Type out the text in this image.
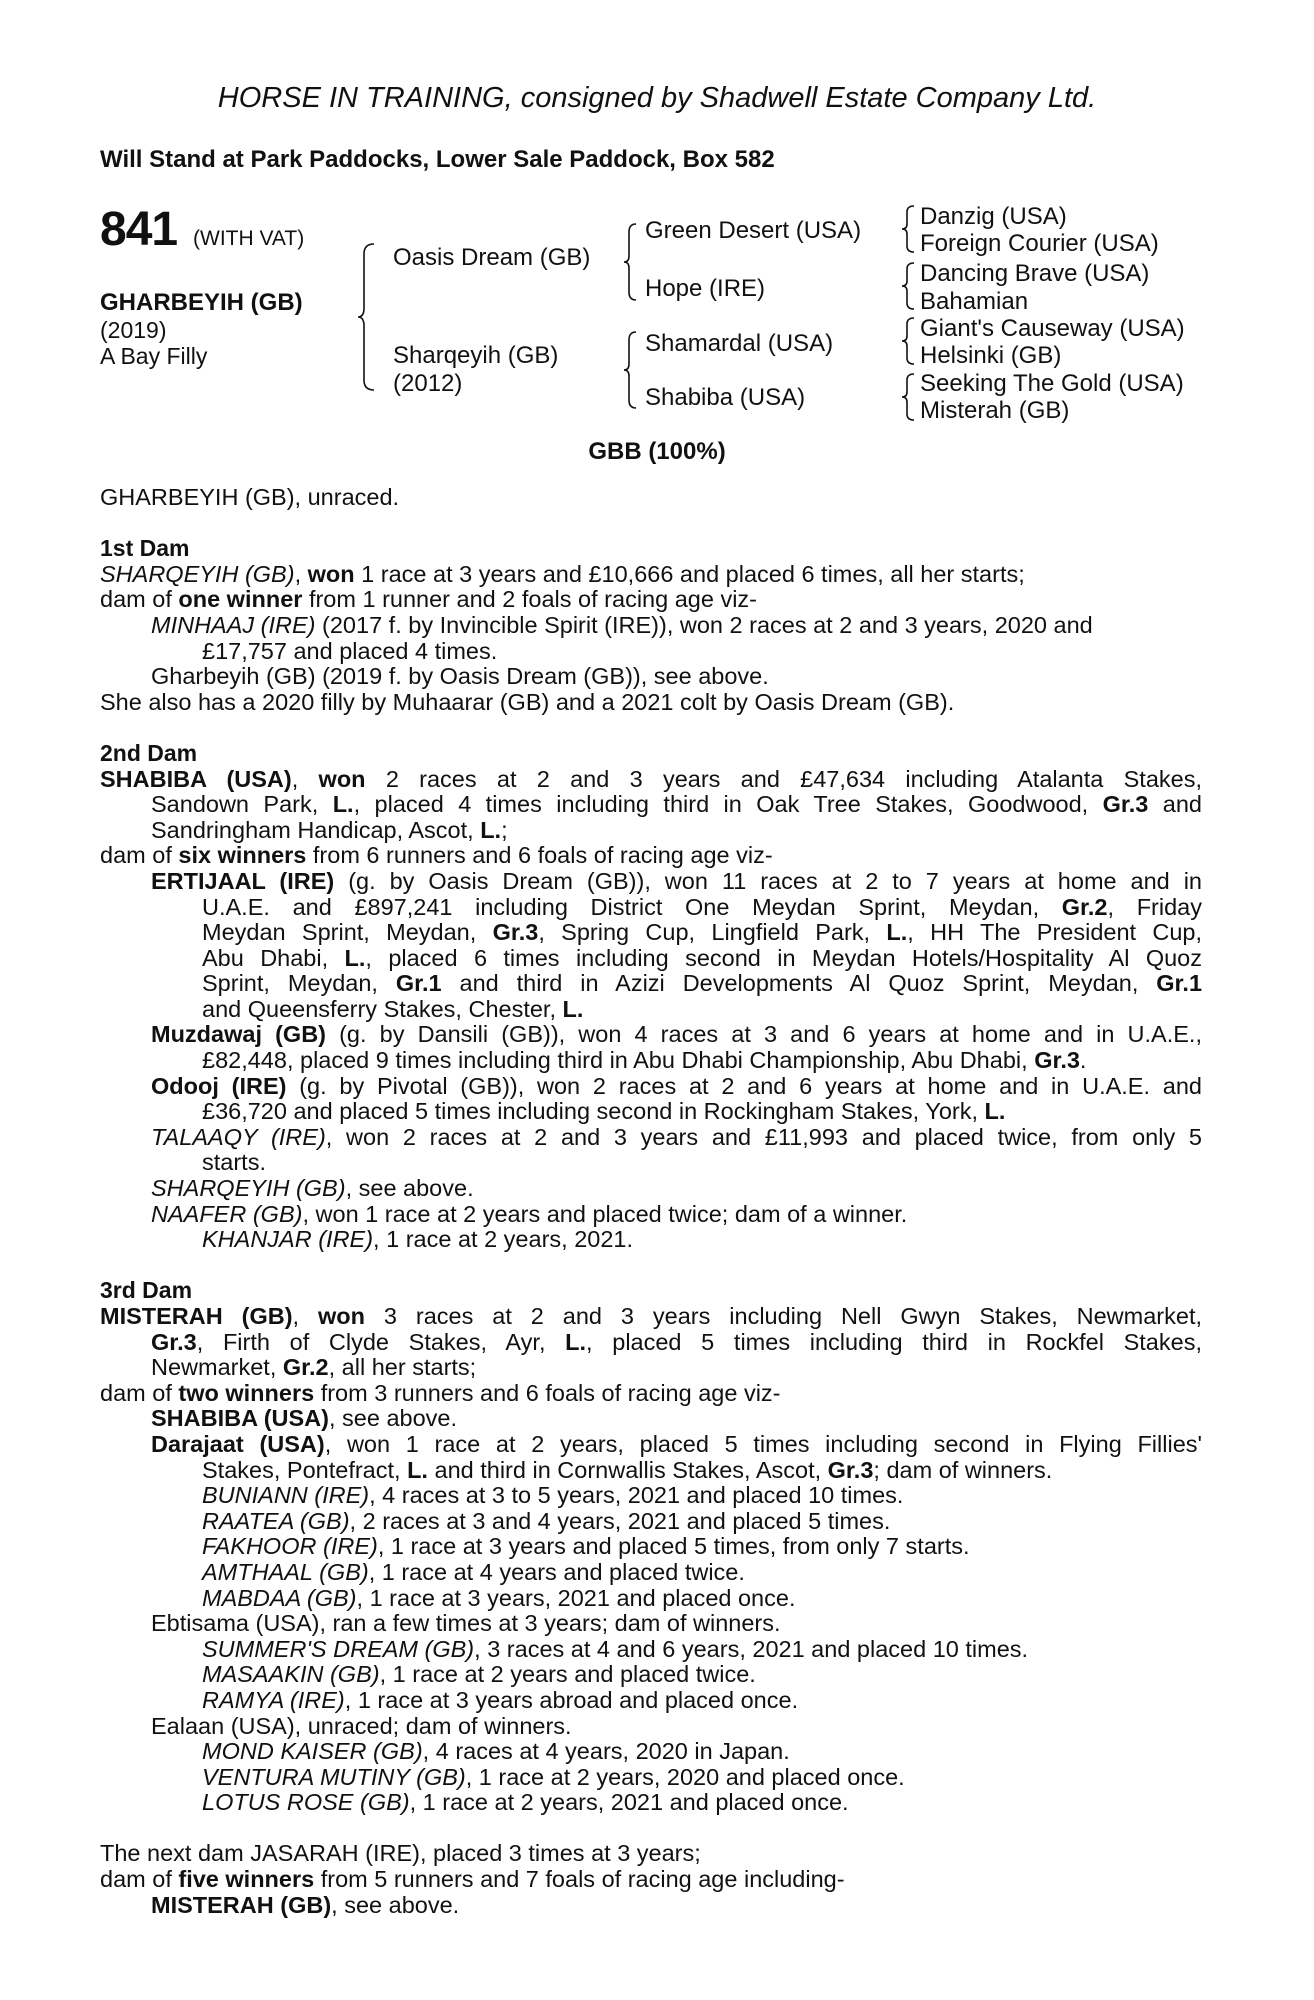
HORSE IN TRAINING, consigned by Shadwell Estate Company Ltd.
Will Stand at Park Paddocks, Lower Sale Paddock, Box 582
841 (WITH VAT)
GHARBEYIH (GB)
(2019)
A Bay Filly
Oasis Dream (GB)
Sharqeyih (GB)
(2012)
Green Desert (USA)
Hope (IRE)
Shamardal (USA)
Shabiba (USA)
Danzig (USA)
Foreign Courier (USA)
Dancing Brave (USA)
Bahamian
Giant's Causeway (USA)
Helsinki (GB)
Seeking The Gold (USA)
Misterah (GB)
GBB (100%)
GHARBEYIH (GB), unraced.
1st Dam
SHARQEYIH (GB), won 1 race at 3 years and £10,666 and placed 6 times, all her starts;
dam of one winner from 1 runner and 2 foals of racing age viz-
MINHAAJ (IRE) (2017 f. by Invincible Spirit (IRE)), won 2 races at 2 and 3 years, 2020 and
£17,757 and placed 4 times.
Gharbeyih (GB) (2019 f. by Oasis Dream (GB)), see above.
She also has a 2020 filly by Muhaarar (GB) and a 2021 colt by Oasis Dream (GB).
2nd Dam
SHABIBA (USA), won 2 races at 2 and 3 years and £47,634 including Atalanta Stakes,
Sandown Park, L., placed 4 times including third in Oak Tree Stakes, Goodwood, Gr.3 and
Sandringham Handicap, Ascot, L.;
dam of six winners from 6 runners and 6 foals of racing age viz-
ERTIJAAL (IRE) (g. by Oasis Dream (GB)), won 11 races at 2 to 7 years at home and in
U.A.E. and £897,241 including District One Meydan Sprint, Meydan, Gr.2, Friday
Meydan Sprint, Meydan, Gr.3, Spring Cup, Lingfield Park, L., HH The President Cup,
Abu Dhabi, L., placed 6 times including second in Meydan Hotels/Hospitality Al Quoz
Sprint, Meydan, Gr.1 and third in Azizi Developments Al Quoz Sprint, Meydan, Gr.1
and Queensferry Stakes, Chester, L.
Muzdawaj (GB) (g. by Dansili (GB)), won 4 races at 3 and 6 years at home and in U.A.E.,
£82,448, placed 9 times including third in Abu Dhabi Championship, Abu Dhabi, Gr.3.
Odooj (IRE) (g. by Pivotal (GB)), won 2 races at 2 and 6 years at home and in U.A.E. and
£36,720 and placed 5 times including second in Rockingham Stakes, York, L.
TALAAQY (IRE), won 2 races at 2 and 3 years and £11,993 and placed twice, from only 5
starts.
SHARQEYIH (GB), see above.
NAAFER (GB), won 1 race at 2 years and placed twice; dam of a winner.
KHANJAR (IRE), 1 race at 2 years, 2021.
3rd Dam
MISTERAH (GB), won 3 races at 2 and 3 years including Nell Gwyn Stakes, Newmarket,
Gr.3, Firth of Clyde Stakes, Ayr, L., placed 5 times including third in Rockfel Stakes,
Newmarket, Gr.2, all her starts;
dam of two winners from 3 runners and 6 foals of racing age viz-
SHABIBA (USA), see above.
Darajaat (USA), won 1 race at 2 years, placed 5 times including second in Flying Fillies'
Stakes, Pontefract, L. and third in Cornwallis Stakes, Ascot, Gr.3; dam of winners.
BUNIANN (IRE), 4 races at 3 to 5 years, 2021 and placed 10 times.
RAATEA (GB), 2 races at 3 and 4 years, 2021 and placed 5 times.
FAKHOOR (IRE), 1 race at 3 years and placed 5 times, from only 7 starts.
AMTHAAL (GB), 1 race at 4 years and placed twice.
MABDAA (GB), 1 race at 3 years, 2021 and placed once.
Ebtisama (USA), ran a few times at 3 years; dam of winners.
SUMMER'S DREAM (GB), 3 races at 4 and 6 years, 2021 and placed 10 times.
MASAAKIN (GB), 1 race at 2 years and placed twice.
RAMYA (IRE), 1 race at 3 years abroad and placed once.
Ealaan (USA), unraced; dam of winners.
MOND KAISER (GB), 4 races at 4 years, 2020 in Japan.
VENTURA MUTINY (GB), 1 race at 2 years, 2020 and placed once.
LOTUS ROSE (GB), 1 race at 2 years, 2021 and placed once.
The next dam JASARAH (IRE), placed 3 times at 3 years;
dam of five winners from 5 runners and 7 foals of racing age including-
MISTERAH (GB), see above.
